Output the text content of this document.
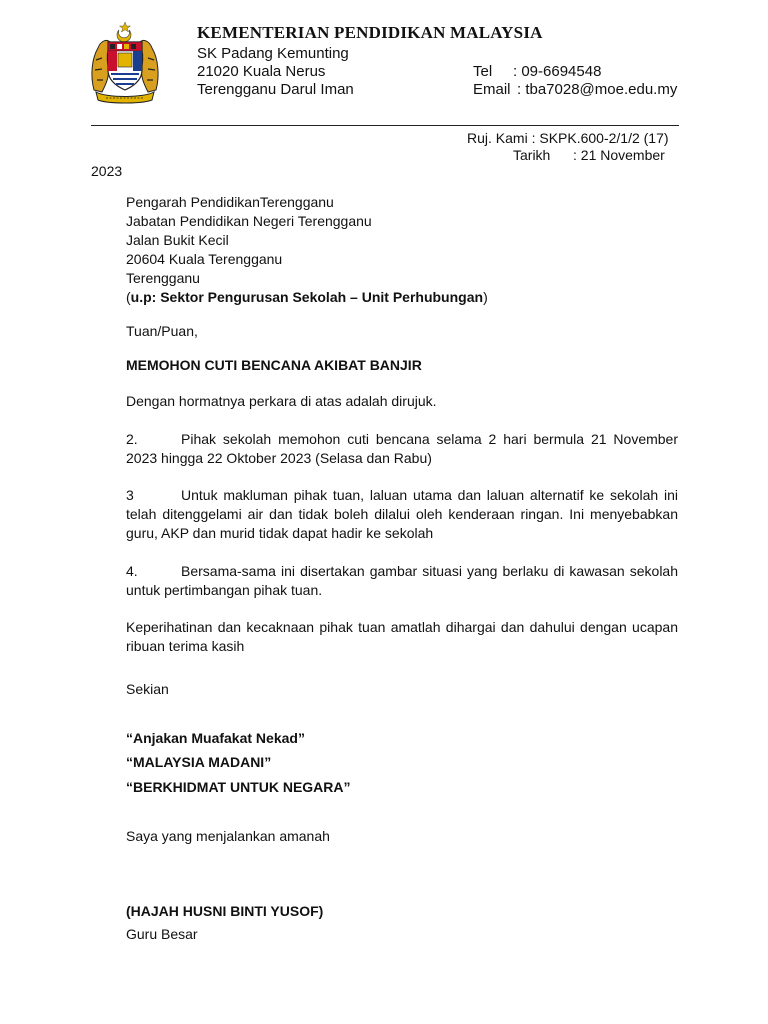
KEMENTERIAN PENDIDIKAN MALAYSIA
SK Padang Kemunting
21020 Kuala Nerus
Terengganu Darul Iman
Tel : 09-6694548
Email : tba7028@moe.edu.my
Ruj. Kami : SKPK.600-2/1/2 (17)
Tarikh : 21 November
2023
Pengarah PendidikanTerengganu
Jabatan Pendidikan Negeri Terengganu
Jalan Bukit Kecil
20604 Kuala Terengganu
Terengganu
(u.p: Sektor Pengurusan Sekolah – Unit Perhubungan)
Tuan/Puan,
MEMOHON CUTI BENCANA AKIBAT BANJIR
Dengan hormatnya perkara di atas adalah dirujuk.
2.	Pihak sekolah memohon cuti bencana selama 2 hari bermula 21 November 2023 hingga 22 Oktober 2023 (Selasa dan Rabu)
3	Untuk makluman pihak tuan, laluan utama dan laluan alternatif ke sekolah ini telah ditenggelami air dan tidak boleh dilalui oleh kenderaan ringan. Ini menyebabkan guru, AKP dan murid tidak dapat hadir ke sekolah
4.	Bersama-sama ini disertakan gambar situasi yang berlaku di kawasan sekolah untuk pertimbangan pihak tuan.
Keperihatinan dan kecaknaan pihak tuan amatlah dihargai dan dahului dengan ucapan ribuan terima kasih
Sekian
“Anjakan Muafakat Nekad”
“MALAYSIA MADANI”
“BERKHIDMAT UNTUK NEGARA”
Saya yang menjalankan amanah
(HAJAH HUSNI BINTI YUSOF)
Guru Besar
